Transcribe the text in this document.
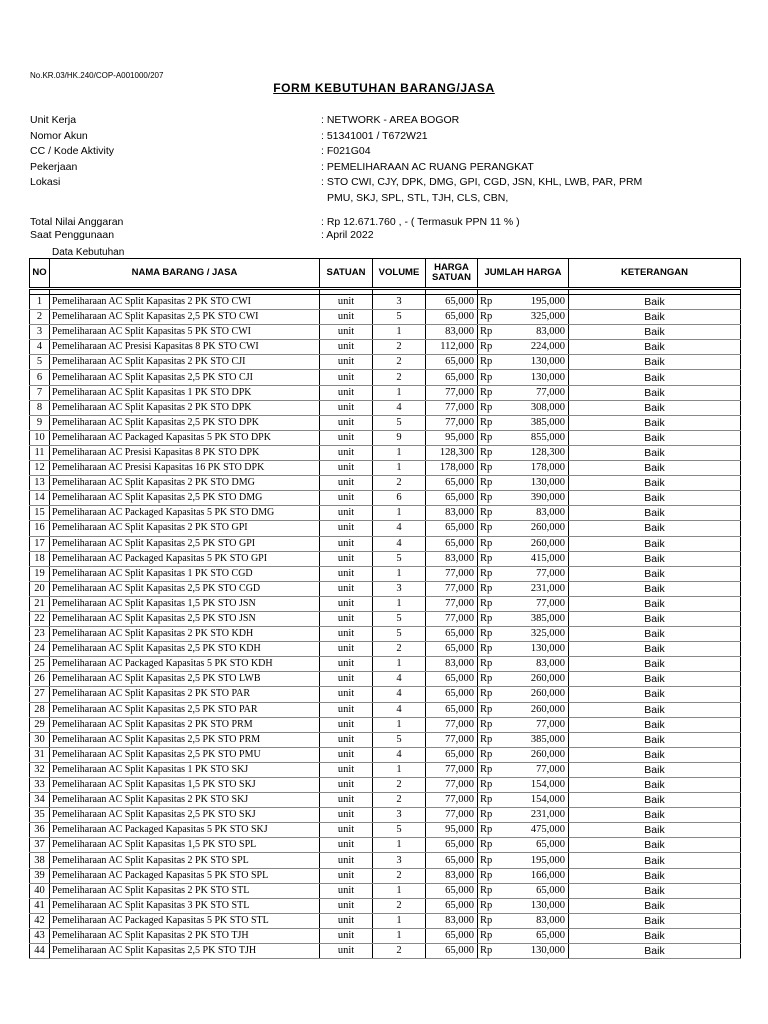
No.KR.03/HK.240/COP-A001000/207
FORM KEBUTUHAN BARANG/JASA
Unit Kerja	: NETWORK - AREA BOGOR
Nomor Akun	: 51341001 / T672W21
CC / Kode Aktivity	: F021G04
Pekerjaan	: PEMELIHARAAN AC RUANG PERANGKAT
Lokasi	: STO CWI, CJY, DPK, DMG, GPI, CGD, JSN, KHL, LWB, PAR, PRM
PMU, SKJ, SPL, STL, TJH, CLS, CBN,
Total Nilai Anggaran	: Rp 12.671.760 , - ( Termasuk PPN 11 % )
Saat Penggunaan	: April 2022
Data Kebutuhan
NO	NAMA BARANG / JASA	SATUAN	VOLUME	HARGA
SATUAN	JUMLAH HARGA		KETERANGAN

1	Pemeliharaan AC Split Kapasitas 2 PK STO CWI	unit	3	65,000	Rp	195,000	Baik
2	Pemeliharaan AC Split Kapasitas 2,5 PK STO CWI	unit	5	65,000	Rp	325,000	Baik
3	Pemeliharaan AC Split Kapasitas 5 PK STO CWI	unit	1	83,000	Rp	83,000	Baik
4	Pemeliharaan AC Presisi Kapasitas 8 PK STO CWI	unit	2	112,000	Rp	224,000	Baik
5	Pemeliharaan AC Split Kapasitas 2 PK STO CJI	unit	2	65,000	Rp	130,000	Baik
6	Pemeliharaan AC Split Kapasitas 2,5 PK STO CJI	unit	2	65,000	Rp	130,000	Baik
7	Pemeliharaan AC Split Kapasitas 1 PK STO DPK	unit	1	77,000	Rp	77,000	Baik
8	Pemeliharaan AC Split Kapasitas 2 PK STO DPK	unit	4	77,000	Rp	308,000	Baik
9	Pemeliharaan AC Split Kapasitas 2,5 PK STO DPK	unit	5	77,000	Rp	385,000	Baik
10	Pemeliharaan AC Packaged Kapasitas 5 PK STO DPK	unit	9	95,000	Rp	855,000	Baik
11	Pemeliharaan AC Presisi Kapasitas 8 PK STO DPK	unit	1	128,300	Rp	128,300	Baik
12	Pemeliharaan AC Presisi Kapasitas 16 PK STO DPK	unit	1	178,000	Rp	178,000	Baik
13	Pemeliharaan AC Split Kapasitas 2 PK STO DMG	unit	2	65,000	Rp	130,000	Baik
14	Pemeliharaan AC Split Kapasitas 2,5 PK STO DMG	unit	6	65,000	Rp	390,000	Baik
15	Pemeliharaan AC Packaged Kapasitas 5 PK STO DMG	unit	1	83,000	Rp	83,000	Baik
16	Pemeliharaan AC Split Kapasitas 2 PK STO GPI	unit	4	65,000	Rp	260,000	Baik
17	Pemeliharaan AC Split Kapasitas 2,5 PK STO GPI	unit	4	65,000	Rp	260,000	Baik
18	Pemeliharaan AC Packaged Kapasitas 5 PK STO GPI	unit	5	83,000	Rp	415,000	Baik
19	Pemeliharaan AC Split Kapasitas 1 PK STO CGD	unit	1	77,000	Rp	77,000	Baik
20	Pemeliharaan AC Split Kapasitas 2,5 PK STO CGD	unit	3	77,000	Rp	231,000	Baik
21	Pemeliharaan AC Split Kapasitas 1,5 PK STO JSN	unit	1	77,000	Rp	77,000	Baik
22	Pemeliharaan AC Split Kapasitas 2,5 PK STO JSN	unit	5	77,000	Rp	385,000	Baik
23	Pemeliharaan AC Split Kapasitas 2 PK STO KDH	unit	5	65,000	Rp	325,000	Baik
24	Pemeliharaan AC Split Kapasitas 2,5 PK STO KDH	unit	2	65,000	Rp	130,000	Baik
25	Pemeliharaan AC Packaged Kapasitas 5 PK STO KDH	unit	1	83,000	Rp	83,000	Baik
26	Pemeliharaan AC Split Kapasitas 2,5 PK STO LWB	unit	4	65,000	Rp	260,000	Baik
27	Pemeliharaan AC Split Kapasitas 2 PK STO PAR	unit	4	65,000	Rp	260,000	Baik
28	Pemeliharaan AC Split Kapasitas 2,5 PK STO PAR	unit	4	65,000	Rp	260,000	Baik
29	Pemeliharaan AC Split Kapasitas 2 PK STO PRM	unit	1	77,000	Rp	77,000	Baik
30	Pemeliharaan AC Split Kapasitas 2,5 PK STO PRM	unit	5	77,000	Rp	385,000	Baik
31	Pemeliharaan AC Split Kapasitas 2,5 PK STO PMU	unit	4	65,000	Rp	260,000	Baik
32	Pemeliharaan AC Split Kapasitas 1 PK STO SKJ	unit	1	77,000	Rp	77,000	Baik
33	Pemeliharaan AC Split Kapasitas 1,5 PK STO SKJ	unit	2	77,000	Rp	154,000	Baik
34	Pemeliharaan AC Split Kapasitas 2 PK STO SKJ	unit	2	77,000	Rp	154,000	Baik
35	Pemeliharaan AC Split Kapasitas 2,5 PK STO SKJ	unit	3	77,000	Rp	231,000	Baik
36	Pemeliharaan AC Packaged Kapasitas 5 PK STO SKJ	unit	5	95,000	Rp	475,000	Baik
37	Pemeliharaan AC Split Kapasitas 1,5 PK STO SPL	unit	1	65,000	Rp	65,000	Baik
38	Pemeliharaan AC Split Kapasitas 2 PK STO SPL	unit	3	65,000	Rp	195,000	Baik
39	Pemeliharaan AC Packaged Kapasitas 5 PK STO SPL	unit	2	83,000	Rp	166,000	Baik
40	Pemeliharaan AC Split Kapasitas 2 PK STO STL	unit	1	65,000	Rp	65,000	Baik
41	Pemeliharaan AC Split Kapasitas 3 PK STO STL	unit	2	65,000	Rp	130,000	Baik
42	Pemeliharaan AC Packaged Kapasitas 5 PK STO STL	unit	1	83,000	Rp	83,000	Baik
43	Pemeliharaan AC Split Kapasitas 2 PK STO TJH	unit	1	65,000	Rp	65,000	Baik
44	Pemeliharaan AC Split Kapasitas 2,5 PK STO TJH	unit	2	65,000	Rp	130,000	Baik
